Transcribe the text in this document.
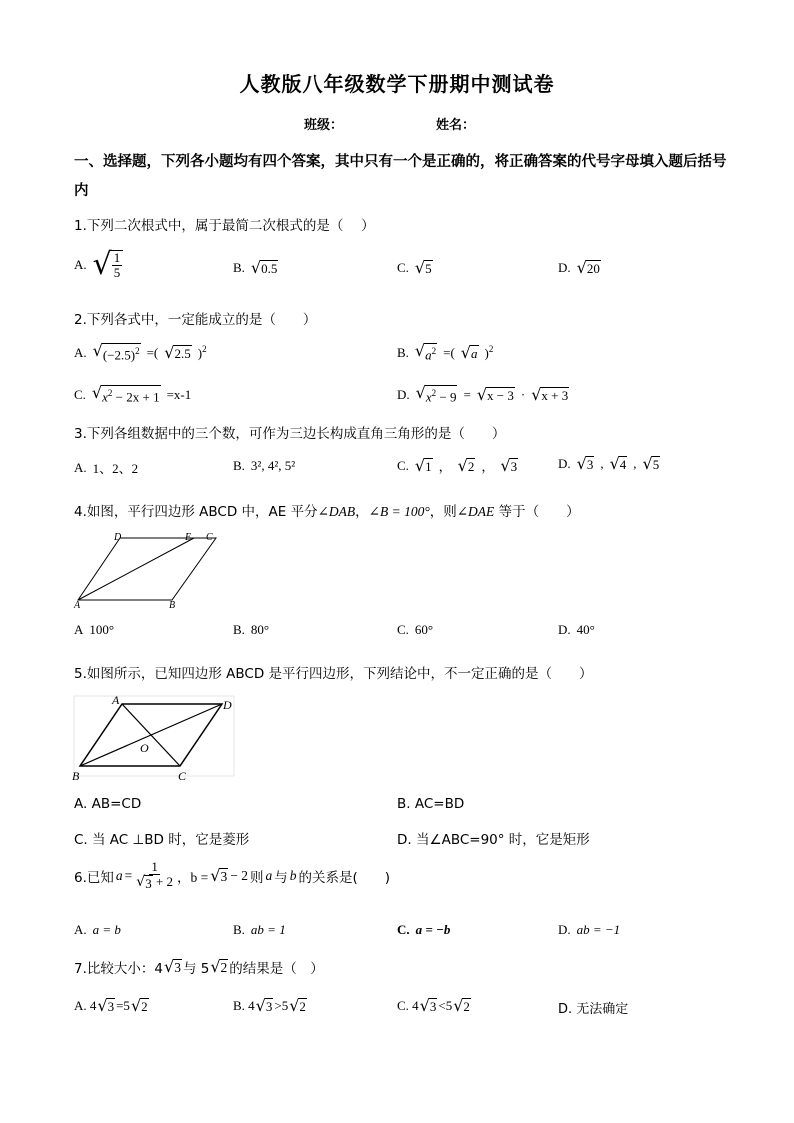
人教版八年级数学下册期中测试卷
班级：	姓名：
一、选择题，下列各小题均有四个答案，其中只有一个是正确的，将正确答案的代号字母填入题后括号内
1.下列二次根式中，属于最简二次根式的是（　 ）
A. √ $\frac{1}{5}$	B. √ 0.5	C. √ 5	D. √ 20
2.下列各式中，一定能成立的是（　　）
A. √ $(-2.5)^2$ =( √ 2.5 )$^2$	B. √ $a^2$ =( √ a )$^2$
C. √ $x^2 - 2x + 1 =x-1$	D. √ $x^2 - 9$ = √ x − 3 · √ x + 3
3.下列各组数据中的三个数，可作为三边长构成直角三角形的是（　　）
A. 1、2、2	B. 3², 4², 5²	C. √ 1 ， √ 2 ， √ 3	D. √ 3 , √ 4 , √ 5
4.如图，平行四边形 ABCD 中，AE 平分∠DAB，∠B = 100°，则∠DAE 等于（　　）
D	E C
A	B
A 100°	B. 80°	C. 60°	D. 40°
5.如图所示，已知四边形 ABCD 是平行四边形，下列结论中，不一定正确的是（　　）
A	D
O
B	C
A. AB=CD	B. AC=BD
C. 当 AC ⊥BD 时，它是菱形	D. 当∠ABC=90° 时，它是矩形
6.已知 $a = \frac{1}{√ 3 + 2}$ ，b = √ 3 − 2 则 a 与 b 的关系是(　　)
A. a = b	B. ab = 1	C. a = −b	D. ab = −1
7.比较大小：4 √ 3 与 5 √ 2 的结果是（　）
A. 4 √ 3 =5 √ 2	B. 4 √ 3 >5 √ 2	C. 4 √ 3 <5 √ 2	D. 无法确定
